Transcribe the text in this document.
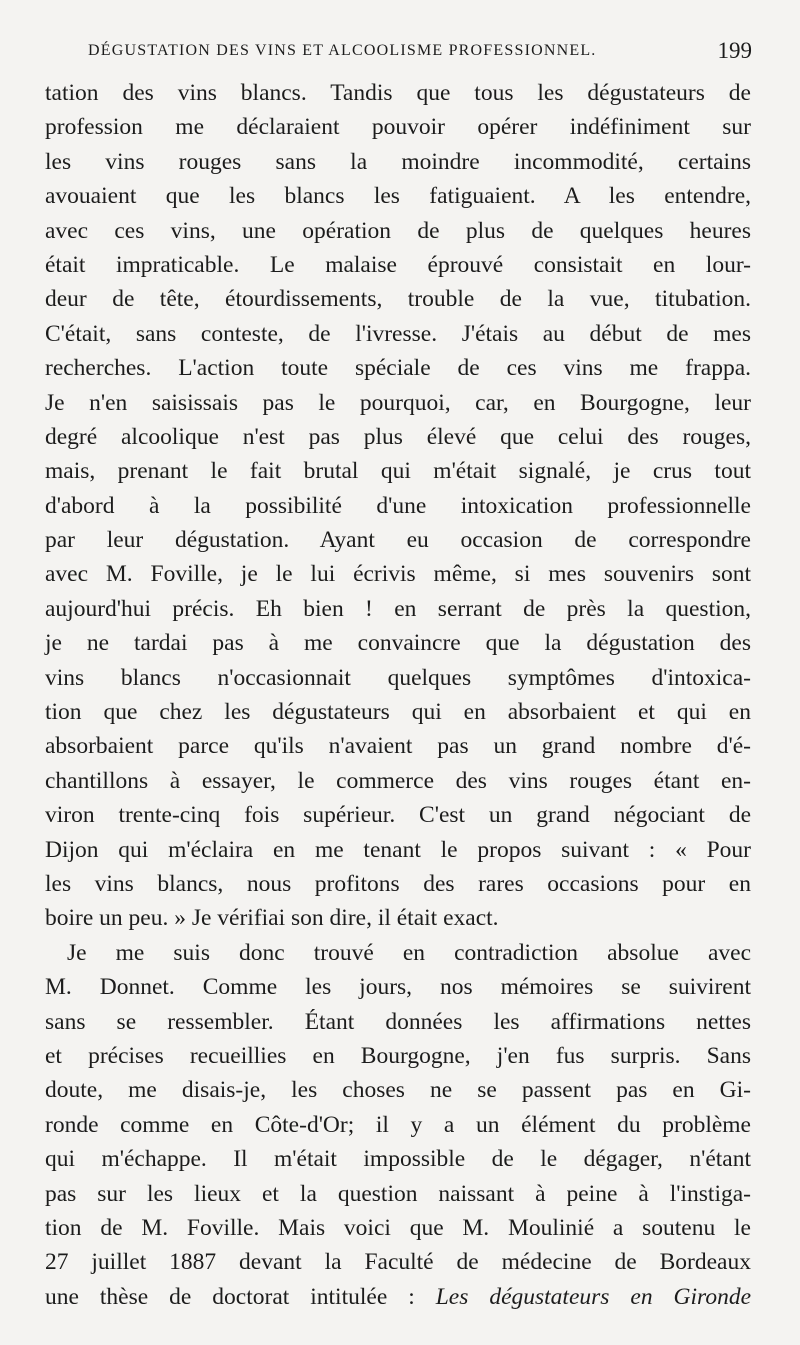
DÉGUSTATION DES VINS ET ALCOOLISME PROFESSIONNEL.	199
tation des vins blancs. Tandis que tous les dégustateurs de
profession me déclaraient pouvoir opérer indéfiniment sur
les vins rouges sans la moindre incommodité, certains
avouaient que les blancs les fatiguaient. A les entendre,
avec ces vins, une opération de plus de quelques heures
était impraticable. Le malaise éprouvé consistait en lour-
deur de tête, étourdissements, trouble de la vue, titubation.
C'était, sans conteste, de l'ivresse. J'étais au début de mes
recherches. L'action toute spéciale de ces vins me frappa.
Je n'en saisissais pas le pourquoi, car, en Bourgogne, leur
degré alcoolique n'est pas plus élevé que celui des rouges,
mais, prenant le fait brutal qui m'était signalé, je crus tout
d'abord à la possibilité d'une intoxication professionnelle
par leur dégustation. Ayant eu occasion de correspondre
avec M. Foville, je le lui écrivis même, si mes souvenirs sont
aujourd'hui précis. Eh bien ! en serrant de près la question,
je ne tardai pas à me convaincre que la dégustation des
vins blancs n'occasionnait quelques symptômes d'intoxica-
tion que chez les dégustateurs qui en absorbaient et qui en
absorbaient parce qu'ils n'avaient pas un grand nombre d'é-
chantillons à essayer, le commerce des vins rouges étant en-
viron trente-cinq fois supérieur. C'est un grand négociant de
Dijon qui m'éclaira en me tenant le propos suivant : « Pour
les vins blancs, nous profitons des rares occasions pour en
boire un peu. » Je vérifiai son dire, il était exact.
Je me suis donc trouvé en contradiction absolue avec
M. Donnet. Comme les jours, nos mémoires se suivirent
sans se ressembler. Étant données les affirmations nettes
et précises recueillies en Bourgogne, j'en fus surpris. Sans
doute, me disais-je, les choses ne se passent pas en Gi-
ronde comme en Côte-d'Or; il y a un élément du problème
qui m'échappe. Il m'était impossible de le dégager, n'étant
pas sur les lieux et la question naissant à peine à l'instiga-
tion de M. Foville. Mais voici que M. Moulinié a soutenu le
27 juillet 1887 devant la Faculté de médecine de Bordeaux
une thèse de doctorat intitulée : Les dégustateurs en Gironde
